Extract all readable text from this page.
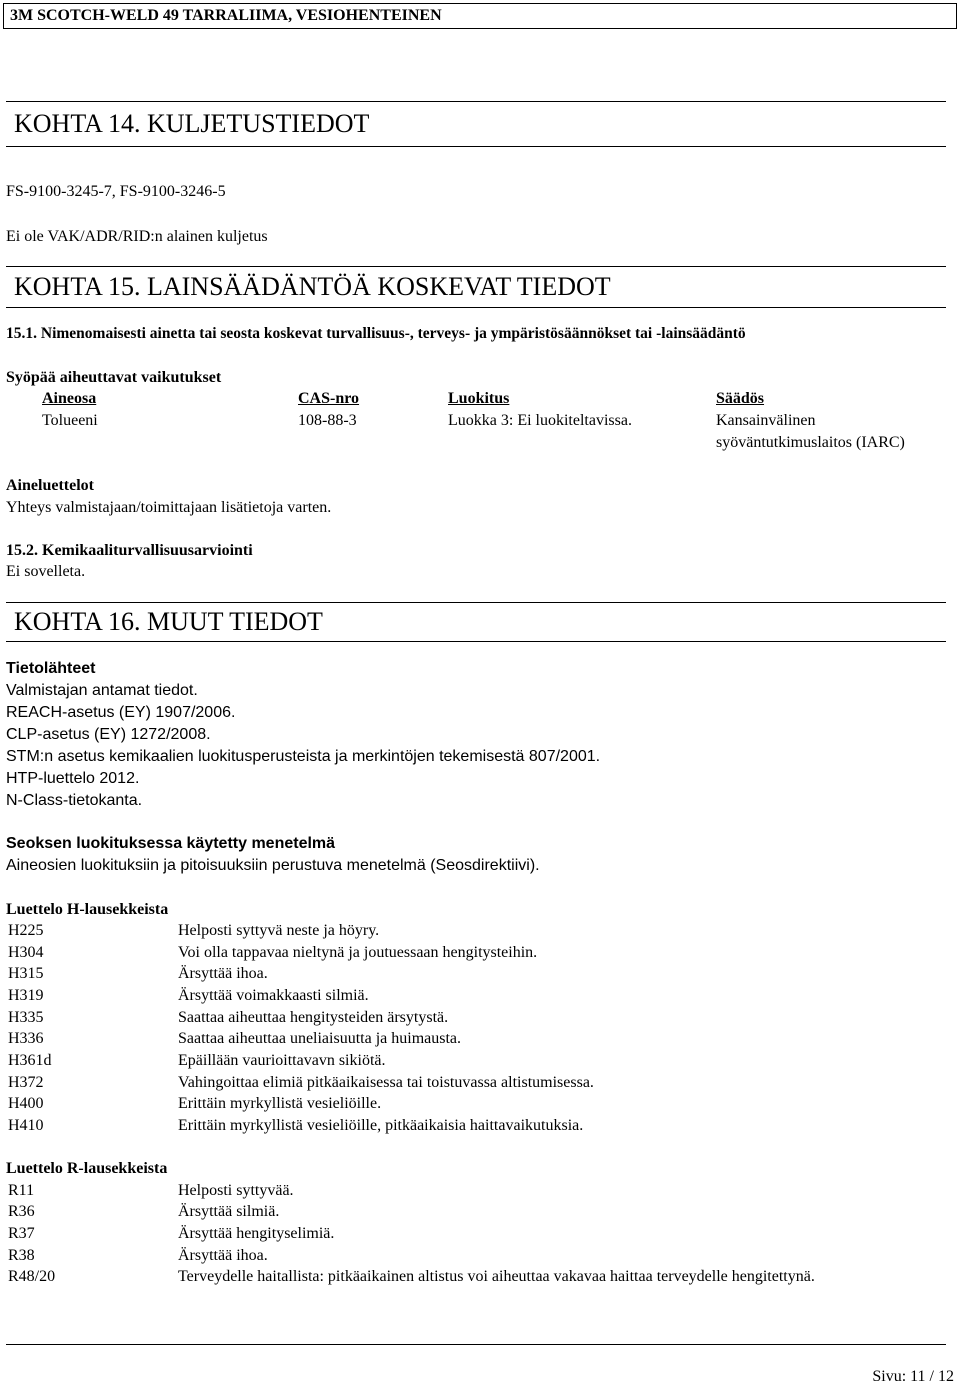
3M SCOTCH-WELD 49 TARRALIIMA, VESIOHENTEINEN
KOHTA 14. KULJETUSTIEDOT
FS-9100-3245-7, FS-9100-3246-5
Ei ole VAK/ADR/RID:n alainen kuljetus
KOHTA 15. LAINSÄÄDÄNTÖÄ KOSKEVAT TIEDOT
15.1. Nimenomaisesti ainetta tai seosta koskevat turvallisuus-, terveys- ja ympäristösäännökset tai -lainsäädäntö
Syöpää aiheuttavat vaikutukset
Aineosa	CAS-nro	Luokitus	Säädös
Tolueeni	108-88-3	Luokka 3: Ei luokiteltavissa.	Kansainvälinen
syöväntutkimuslaitos (IARC)
Aineluettelot
Yhteys valmistajaan/toimittajaan lisätietoja varten.
15.2. Kemikaaliturvallisuusarviointi
Ei sovelleta.
KOHTA 16. MUUT TIEDOT
Tietolähteet
Valmistajan antamat tiedot.
REACH-asetus (EY) 1907/2006.
CLP-asetus (EY) 1272/2008.
STM:n asetus kemikaalien luokitusperusteista ja merkintöjen tekemisestä 807/2001.
HTP-luettelo 2012.
N-Class-tietokanta.
Seoksen luokituksessa käytetty menetelmä
Aineosien luokituksiin ja pitoisuuksiin perustuva menetelmä (Seosdirektiivi).
Luettelo H-lausekkeista
H225	Helposti syttyvä neste ja höyry.
H304	Voi olla tappavaa nieltynä ja joutuessaan hengitysteihin.
H315	Ärsyttää ihoa.
H319	Ärsyttää voimakkaasti silmiä.
H335	Saattaa aiheuttaa hengitysteiden ärsytystä.
H336	Saattaa aiheuttaa uneliaisuutta ja huimausta.
H361d	Epäillään vaurioittavavn sikiötä.
H372	Vahingoittaa elimiä pitkäaikaisessa tai toistuvassa altistumisessa.
H400	Erittäin myrkyllistä vesieliöille.
H410	Erittäin myrkyllistä vesieliöille, pitkäaikaisia haittavaikutuksia.
Luettelo R-lausekkeista
R11	Helposti syttyvää.
R36	Ärsyttää silmiä.
R37	Ärsyttää hengityselimiä.
R38	Ärsyttää ihoa.
R48/20	Terveydelle haitallista: pitkäaikainen altistus voi aiheuttaa vakavaa haittaa terveydelle hengitettynä.
Sivu: 11 / 12
